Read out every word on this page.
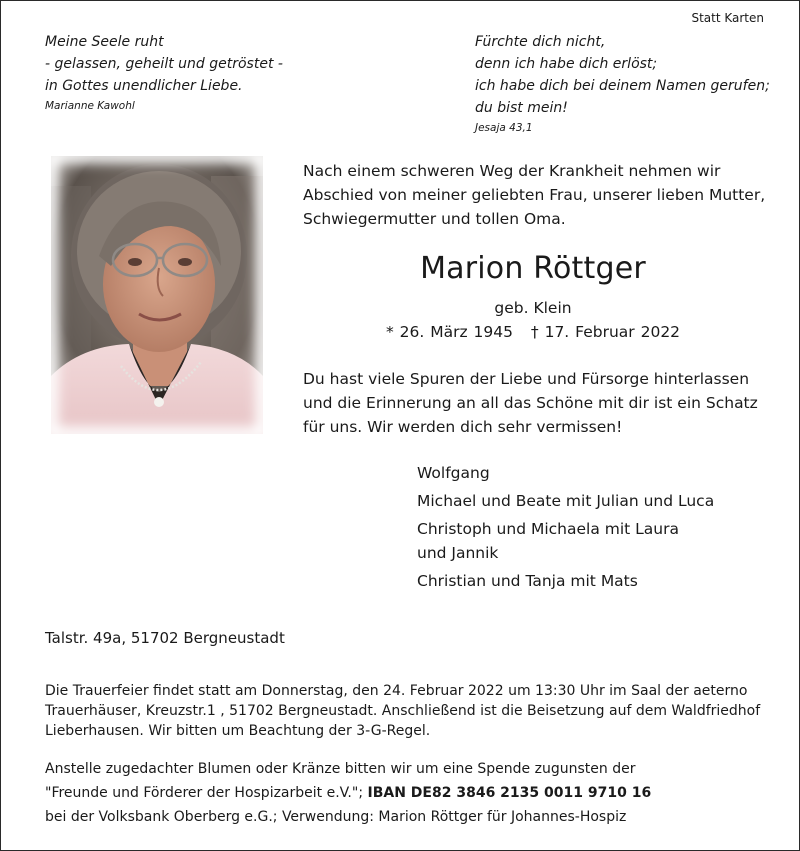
Statt Karten
Meine Seele ruht
- gelassen, geheilt und getröstet -
in Gottes unendlicher Liebe.
Marianne Kawohl
Fürchte dich nicht,
denn ich habe dich erlöst;
ich habe dich bei deinem Namen gerufen;
du bist mein!
Jesaja 43,1
Nach einem schweren Weg der Krankheit nehmen wir
Abschied von meiner geliebten Frau, unserer lieben Mutter,
Schwiegermutter und tollen Oma.
Marion Röttger
geb. Klein
* 26. März 1945 † 17. Februar 2022
Du hast viele Spuren der Liebe und Fürsorge hinterlassen
und die Erinnerung an all das Schöne mit dir ist ein Schatz
für uns. Wir werden dich sehr vermissen!
Wolfgang
Michael und Beate mit Julian und Luca
Christoph und Michaela mit Laura
und Jannik
Christian und Tanja mit Mats
Talstr. 49a, 51702 Bergneustadt
Die Trauerfeier findet statt am Donnerstag, den 24. Februar 2022 um 13:30 Uhr im Saal der aeterno
Trauerhäuser, Kreuzstr.1 , 51702 Bergneustadt. Anschließend ist die Beisetzung auf dem Waldfriedhof
Lieberhausen. Wir bitten um Beachtung der 3-G-Regel.
Anstelle zugedachter Blumen oder Kränze bitten wir um eine Spende zugunsten der
"Freunde und Förderer der Hospizarbeit e.V."; IBAN DE82 3846 2135 0011 9710 16
bei der Volksbank Oberberg e.G.; Verwendung: Marion Röttger für Johannes-Hospiz
